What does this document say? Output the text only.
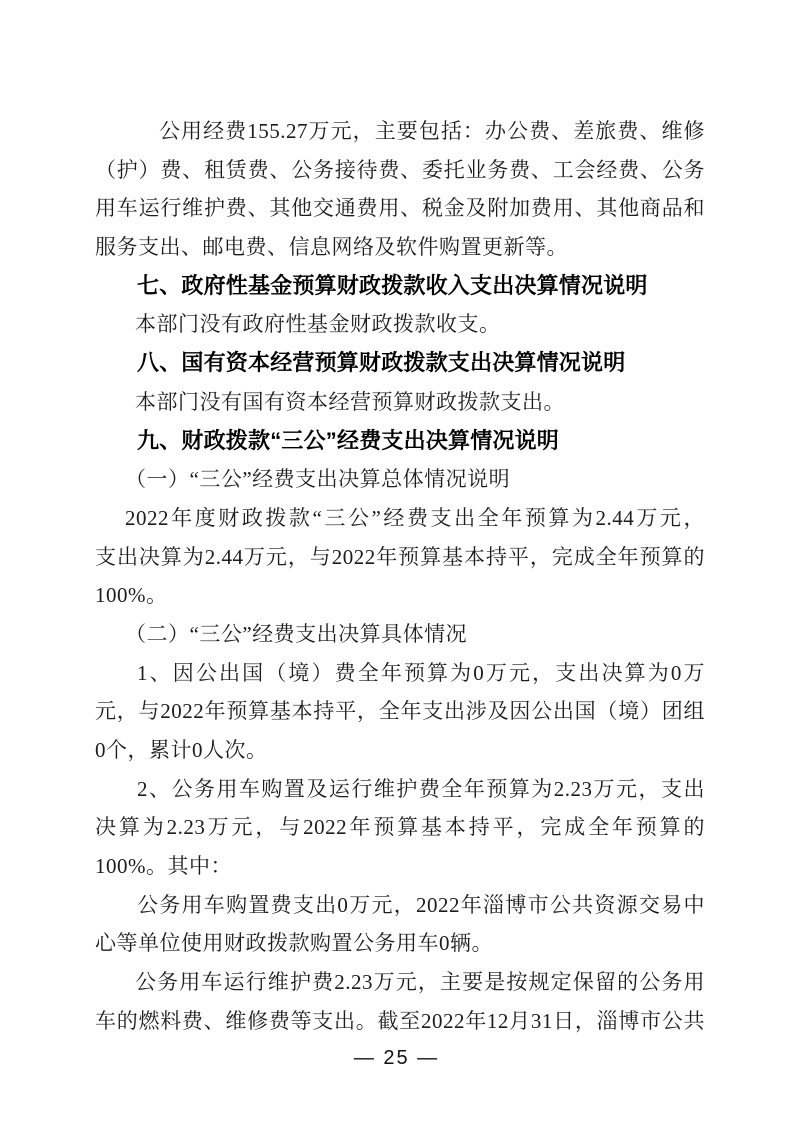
公用经费155.27万元，主要包括：办公费、差旅费、维修
（护）费、租赁费、公务接待费、委托业务费、工会经费、公务
用车运行维护费、其他交通费用、税金及附加费用、其他商品和
服务支出、邮电费、信息网络及软件购置更新等。
七、政府性基金预算财政拨款收入支出决算情况说明
本部门没有政府性基金财政拨款收支。
八、国有资本经营预算财政拨款支出决算情况说明
本部门没有国有资本经营预算财政拨款支出。
九、财政拨款“三公”经费支出决算情况说明
（一）“三公”经费支出决算总体情况说明
2022年度财政拨款“三公”经费支出全年预算为2.44万元，
支出决算为2.44万元，与2022年预算基本持平，完成全年预算的
100%。
（二）“三公”经费支出决算具体情况
1、因公出国（境）费全年预算为0万元，支出决算为0万
元，与2022年预算基本持平，全年支出涉及因公出国（境）团组
0个，累计0人次。
2、公务用车购置及运行维护费全年预算为2.23万元，支出
决算为2.23万元，与2022年预算基本持平，完成全年预算的
100%。其中：
公务用车购置费支出0万元，2022年淄博市公共资源交易中
心等单位使用财政拨款购置公务用车0辆。
公务用车运行维护费2.23万元，主要是按规定保留的公务用
车的燃料费、维修费等支出。截至2022年12月31日，淄博市公共
— 25 —
